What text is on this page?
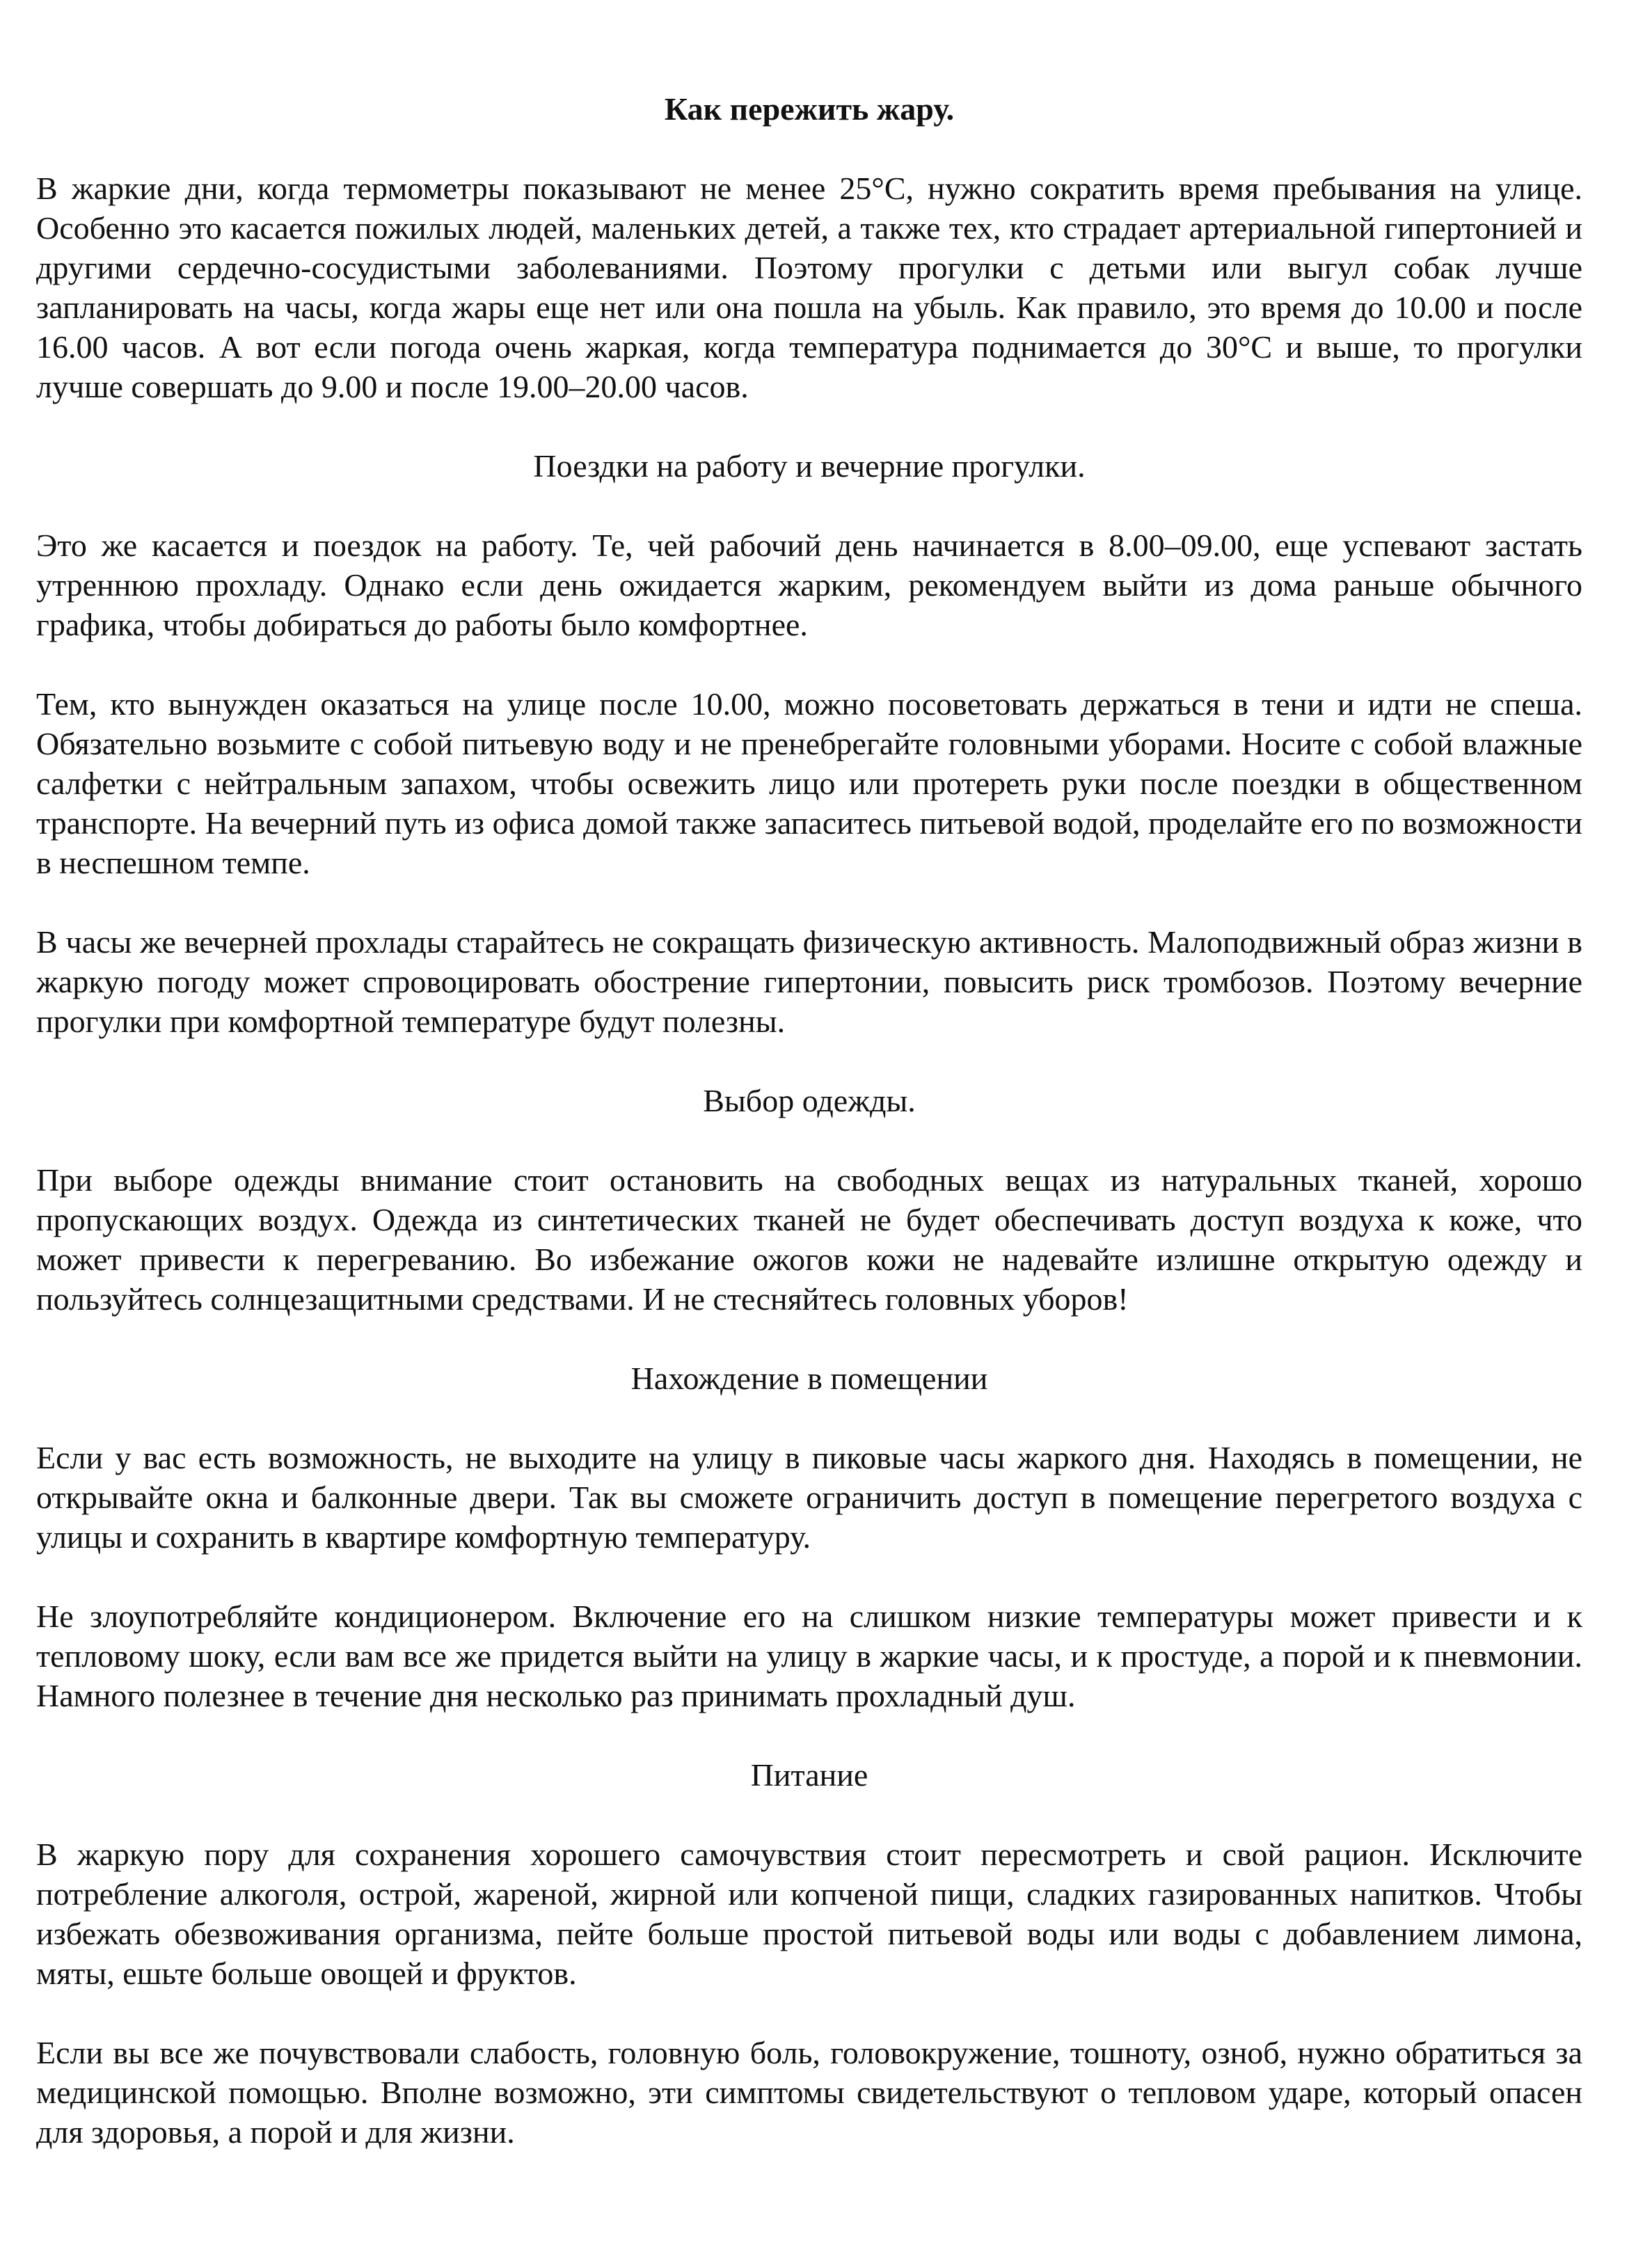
Как пережить жару.

В жаркие дни, когда термометры показывают не менее 25°С, нужно сократить время пребывания на улице. Особенно это касается пожилых людей, маленьких детей, а также тех, кто страдает артериальной гипертонией и другими сердечно-сосудистыми заболеваниями. Поэтому прогулки с детьми или выгул собак лучше запланировать на часы, когда жары еще нет или она пошла на убыль. Как правило, это время до 10.00 и после 16.00 часов. А вот если погода очень жаркая, когда температура поднимается до 30°С и выше, то прогулки лучше совершать до 9.00 и после 19.00–20.00 часов.

Поездки на работу и вечерние прогулки.

Это же касается и поездок на работу. Те, чей рабочий день начинается в 8.00–09.00, еще успевают застать утреннюю прохладу. Однако если день ожидается жарким, рекомендуем выйти из дома раньше обычного графика, чтобы добираться до работы было комфортнее.

Тем, кто вынужден оказаться на улице после 10.00, можно посоветовать держаться в тени и идти не спеша. Обязательно возьмите с собой питьевую воду и не пренебрегайте головными уборами. Носите с собой влажные салфетки с нейтральным запахом, чтобы освежить лицо или протереть руки после поездки в общественном транспорте. На вечерний путь из офиса домой также запаситесь питьевой водой, проделайте его по возможности в неспешном темпе.

В часы же вечерней прохлады старайтесь не сокращать физическую активность. Малоподвижный образ жизни в жаркую погоду может спровоцировать обострение гипертонии, повысить риск тромбозов. Поэтому вечерние прогулки при комфортной температуре будут полезны.

Выбор одежды.

При выборе одежды внимание стоит остановить на свободных вещах из натуральных тканей, хорошо пропускающих воздух. Одежда из синтетических тканей не будет обеспечивать доступ воздуха к коже, что может привести к перегреванию. Во избежание ожогов кожи не надевайте излишне открытую одежду и пользуйтесь солнцезащитными средствами. И не стесняйтесь головных уборов!

Нахождение в помещении

Если у вас есть возможность, не выходите на улицу в пиковые часы жаркого дня. Находясь в помещении, не открывайте окна и балконные двери. Так вы сможете ограничить доступ в помещение перегретого воздуха с улицы и сохранить в квартире комфортную температуру.

Не злоупотребляйте кондиционером. Включение его на слишком низкие температуры может привести и к тепловому шоку, если вам все же придется выйти на улицу в жаркие часы, и к простуде, а порой и к пневмонии. Намного полезнее в течение дня несколько раз принимать прохладный душ.

Питание

В жаркую пору для сохранения хорошего самочувствия стоит пересмотреть и свой рацион. Исключите потребление алкоголя, острой, жареной, жирной или копченой пищи, сладких газированных напитков. Чтобы избежать обезвоживания организма, пейте больше простой питьевой воды или воды с добавлением лимона, мяты, ешьте больше овощей и фруктов.

Если вы все же почувствовали слабость, головную боль, головокружение, тошноту, озноб, нужно обратиться за медицинской помощью. Вполне возможно, эти симптомы свидетельствуют о тепловом ударе, который опасен для здоровья, а порой и для жизни.
